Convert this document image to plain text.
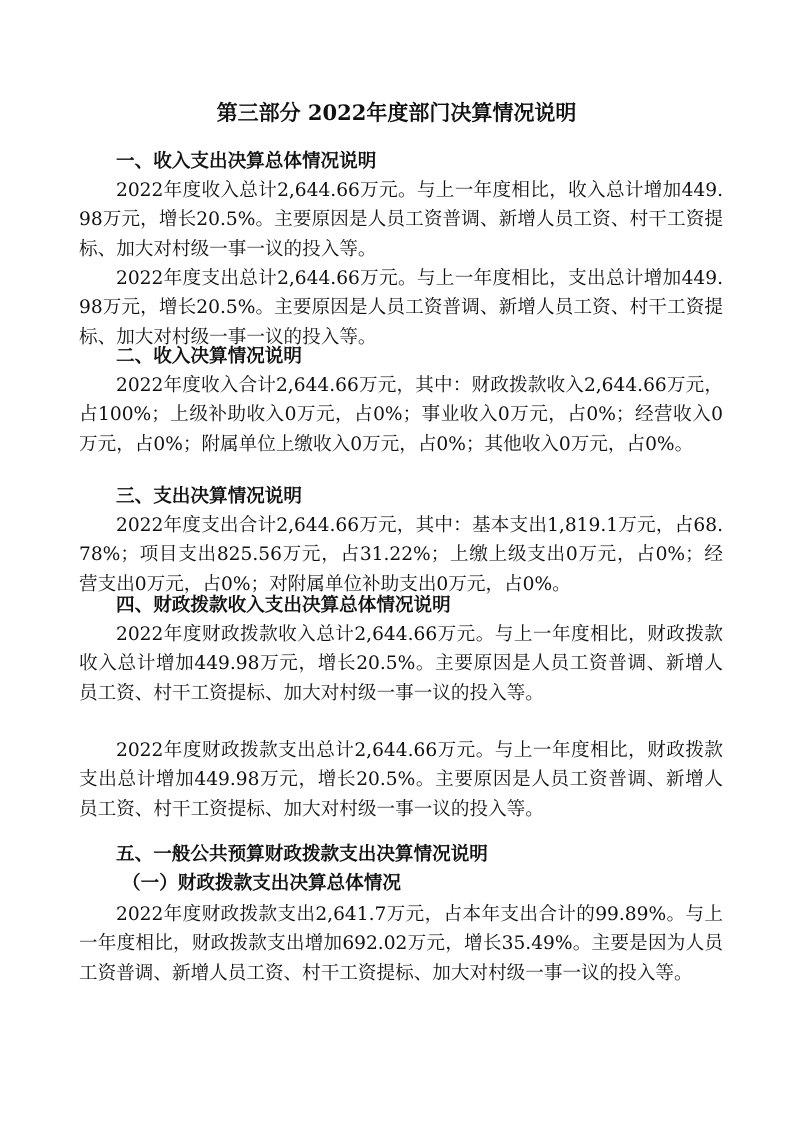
第三部分 2022年度部门决算情况说明
一、收入支出决算总体情况说明

2022年度收入总计2,644.66万元。与上一年度相比，收入总计增加449.98万元，增长20.5%。主要原因是人员工资普调、新增人员工资、村干工资提标、加大对村级一事一议的投入等。

2022年度支出总计2,644.66万元。与上一年度相比，支出总计增加449.98万元，增长20.5%。主要原因是人员工资普调、新增人员工资、村干工资提标、加大对村级一事一议的投入等。

二、收入决算情况说明

2022年度收入合计2,644.66万元，其中：财政拨款收入2,644.66万元，占100%；上级补助收入0万元，占0%；事业收入0万元，占0%；经营收入0万元，占0%；附属单位上缴收入0万元，占0%；其他收入0万元，占0%。

三、支出决算情况说明

2022年度支出合计2,644.66万元，其中：基本支出1,819.1万元，占68.78%；项目支出825.56万元，占31.22%；上缴上级支出0万元，占0%；经营支出0万元，占0%；对附属单位补助支出0万元，占0%。

四、财政拨款收入支出决算总体情况说明

2022年度财政拨款收入总计2,644.66万元。与上一年度相比，财政拨款收入总计增加449.98万元，增长20.5%。主要原因是人员工资普调、新增人员工资、村干工资提标、加大对村级一事一议的投入等。

2022年度财政拨款支出总计2,644.66万元。与上一年度相比，财政拨款支出总计增加449.98万元，增长20.5%。主要原因是人员工资普调、新增人员工资、村干工资提标、加大对村级一事一议的投入等。

五、一般公共预算财政拨款支出决算情况说明
（一）财政拨款支出决算总体情况

2022年度财政拨款支出2,641.7万元，占本年支出合计的99.89%。与上一年度相比，财政拨款支出增加692.02万元，增长35.49%。主要是因为人员工资普调、新增人员工资、村干工资提标、加大对村级一事一议的投入等。
